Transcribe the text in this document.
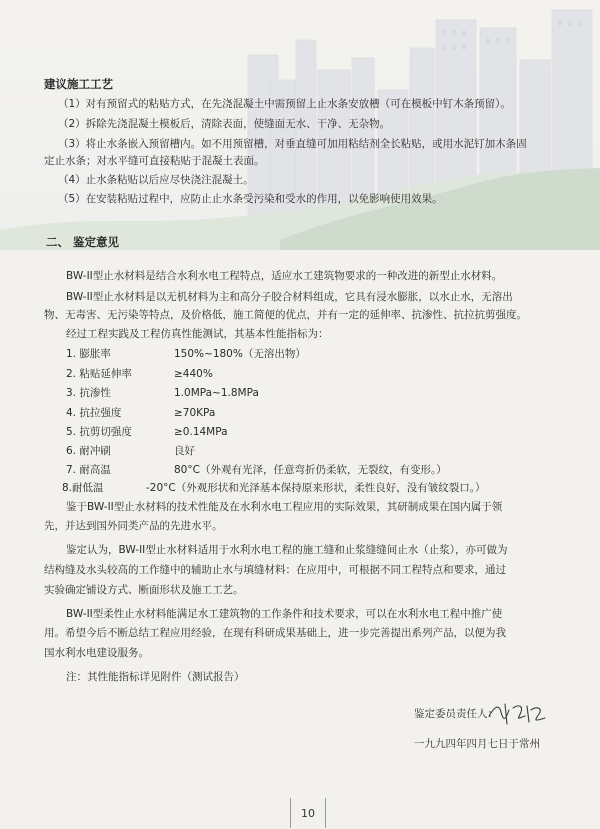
建议施工工艺
（1）对有预留式的粘贴方式，在先浇混凝土中需预留上止水条安放槽（可在模板中钉木条预留）。
（2）拆除先浇混凝土模板后，清除表面，使缝面无水、干净、无杂物。
（3）将止水条嵌入预留槽内。如不用预留槽，对垂直缝可加用粘结剂全长粘贴，或用水泥钉加木条固
定止水条；对水平缝可直接粘贴于混凝土表面。
（4）止水条粘贴以后应尽快浇注混凝土。
（5）在安装粘贴过程中，应防止止水条受污染和受水的作用，以免影响使用效果。
二、 鉴定意见
BW-II型止水材料是结合水利水电工程特点，适应水工建筑物要求的一种改进的新型止水材料。
BW-II型止水材料是以无机材料为主和高分子胶合材料组成，它具有浸水膨胀，以水止水，无溶出
物、无毒害、无污染等特点，及价格低，施工简便的优点，并有一定的延伸率、抗渗性、抗拉抗剪强度。
经过工程实践及工程仿真性能测试，其基本性能指标为：
1. 膨胀率	150%~180%（无溶出物）
2. 粘贴延伸率	≥440%
3. 抗渗性	1.0MPa~1.8MPa
4. 抗拉强度	≥70KPa
5. 抗剪切强度	≥0.14MPa
6. 耐冲刷	良好
7. 耐高温	80°C（外观有光泽，任意弯折仍柔软，无裂纹，有变形。）
8.耐低温	-20°C（外观形状和光泽基本保持原来形状，柔性良好，没有皱纹裂口。）
鉴于BW-II型止水材料的技术性能及在水利水电工程应用的实际效果，其研制成果在国内属于领
先，并达到国外同类产品的先进水平。
鉴定认为，BW-II型止水材料适用于水利水电工程的施工缝和止浆缝缝间止水（止浆），亦可做为
结构缝及水头较高的工作缝中的辅助止水与填缝材料：在应用中，可根据不同工程特点和要求，通过
实验确定铺设方式、断面形状及施工工艺。
BW-II型柔性止水材料能满足水工建筑物的工作条件和技术要求，可以在水利水电工程中推广使
用。希望今后不断总结工程应用经验，在现有科研成果基础上，进一步完善提出系列产品，以便为我
国水利水电建设服务。
注：其性能指标详见附件（测试报告）
鉴定委员责任人：
一九九四年四月七日于常州
10
